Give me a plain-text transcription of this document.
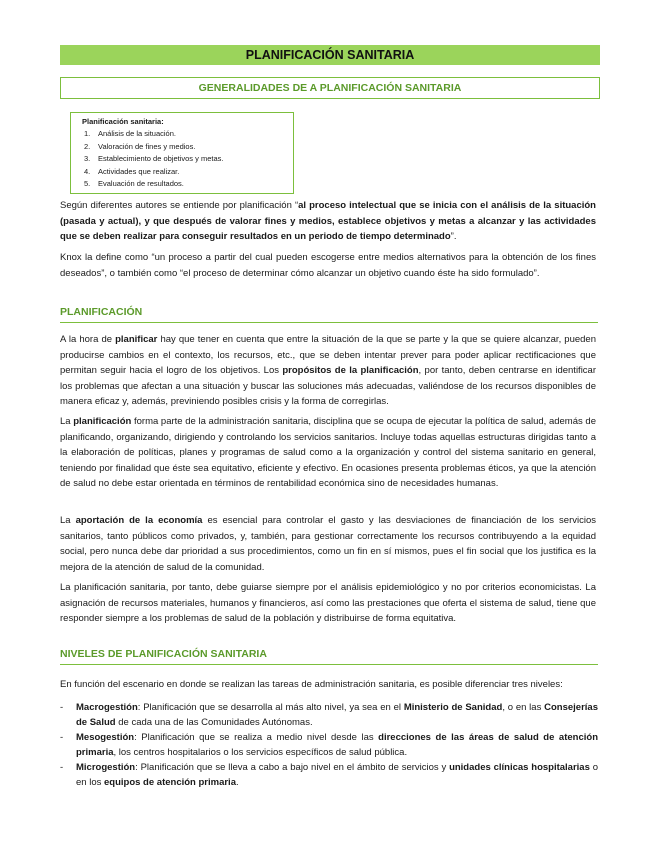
PLANIFICACIÓN SANITARIA
GENERALIDADES DE A PLANIFICACIÓN SANITARIA
Planificación sanitaria:
1.	Análisis de la situación.
2.	Valoración de fines y medios.
3.	Establecimiento de objetivos y metas.
4.	Actividades que realizar.
5.	Evaluación de resultados.

Según diferentes autores se entiende por planificación “al proceso intelectual que se inicia con el análisis de la situación (pasada y actual), y que después de valorar fines y medios, establece objetivos y metas a alcanzar y las actividades que se deben realizar para conseguir resultados en un periodo de tiempo determinado”.

Knox la define como “un proceso a partir del cual pueden escogerse entre medios alternativos para la obtención de los fines deseados”, o también como “el proceso de determinar cómo alcanzar un objetivo cuando éste ha sido formulado”.

PLANIFICACIÓN

A la hora de planificar hay que tener en cuenta que entre la situación de la que se parte y la que se quiere alcanzar, pueden producirse cambios en el contexto, los recursos, etc., que se deben intentar prever para poder aplicar rectificaciones que permitan seguir hacia el logro de los objetivos. Los propósitos de la planificación, por tanto, deben centrarse en identificar los problemas que afectan a una situación y buscar las soluciones más adecuadas, valiéndose de los recursos disponibles de manera eficaz y, además, previniendo posibles crisis y la forma de corregirlas.

La planificación forma parte de la administración sanitaria, disciplina que se ocupa de ejecutar la política de salud, además de planificando, organizando, dirigiendo y controlando los servicios sanitarios. Incluye todas aquellas estructuras dirigidas tanto a la elaboración de políticas, planes y programas de salud como a la organización y control del sistema sanitario en general, teniendo por finalidad que éste sea equitativo, eficiente y efectivo. En ocasiones presenta problemas éticos, ya que la atención de salud no debe estar orientada en términos de rentabilidad económica sino de necesidades humanas.

La aportación de la economía es esencial para controlar el gasto y las desviaciones de financiación de los servicios sanitarios, tanto públicos como privados, y, también, para gestionar correctamente los recursos contribuyendo a la equidad social, pero nunca debe dar prioridad a sus procedimientos, como un fin en sí mismos, pues el fin social que los justifica es la mejora de la atención de salud de la comunidad.

La planificación sanitaria, por tanto, debe guiarse siempre por el análisis epidemiológico y no por criterios economicistas. La asignación de recursos materiales, humanos y financieros, así como las prestaciones que oferta el sistema de salud, tiene que responder siempre a los problemas de salud de la población y distribuirse de forma equitativa.

NIVELES DE PLANIFICACIÓN SANITARIA

En función del escenario en donde se realizan las tareas de administración sanitaria, es posible diferenciar tres niveles:

-	Macrogestión: Planificación que se desarrolla al más alto nivel, ya sea en el Ministerio de Sanidad, o en las Consejerías de Salud de cada una de las Comunidades Autónomas.
-	Mesogestión: Planificación que se realiza a medio nivel desde las direcciones de las áreas de salud de atención primaria, los centros hospitalarios o los servicios específicos de salud pública.
-	Microgestión: Planificación que se lleva a cabo a bajo nivel en el ámbito de servicios y unidades clínicas hospitalarias o en los equipos de atención primaria.
